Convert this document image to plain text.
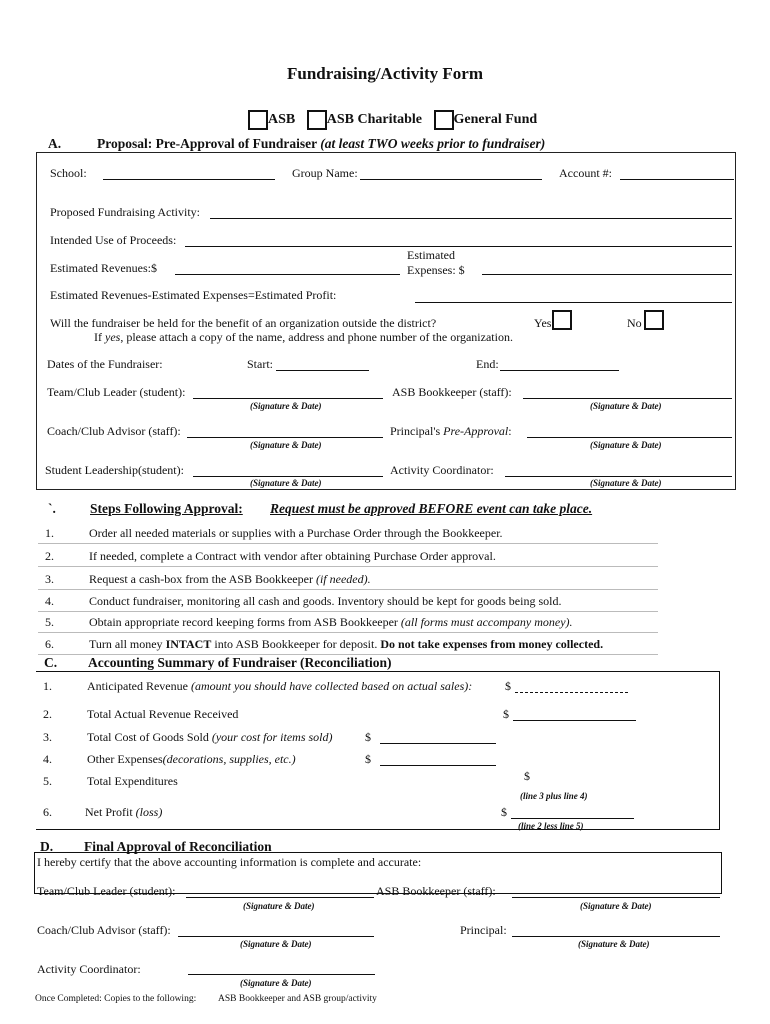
Fundraising/Activity Form
ASB ASB Charitable General Fund
A.	Proposal: Pre-Approval of Fundraiser (at least TWO weeks prior to fundraiser)
School:	Group Name:	Account #:
Proposed Fundraising Activity:
Intended Use of Proceeds:
Estimated Revenues:$
Estimated
Expenses: $
Estimated Revenues-Estimated Expenses=Estimated Profit:
Will the fundraiser be held for the benefit of an organization outside the district?	Yes	No
If yes, please attach a copy of the name, address and phone number of the organization.
Dates of the Fundraiser:	Start:	End:
Team/Club Leader (student):
(Signature & Date)
ASB Bookkeeper (staff):
(Signature & Date)
Coach/Club Advisor (staff):
(Signature & Date)
Principal's Pre-Approval:
(Signature & Date)
Student Leadership(student):
(Signature & Date)
Activity Coordinator:
(Signature & Date)
`.	Steps Following Approval: Request must be approved BEFORE event can take place.
1.	Order all needed materials or supplies with a Purchase Order through the Bookkeeper.
2.	If needed, complete a Contract with vendor after obtaining Purchase Order approval.
3.	Request a cash-box from the ASB Bookkeeper (if needed).
4.	Conduct fundraiser, monitoring all cash and goods. Inventory should be kept for goods being sold.
5.	Obtain appropriate record keeping forms from ASB Bookkeeper (all forms must accompany money).
6.	Turn all money INTACT into ASB Bookkeeper for deposit. Do not take expenses from money collected.
C. Accounting Summary of Fundraiser (Reconciliation)
1.	Anticipated Revenue (amount you should have collected based on actual sales):	$
2.	Total Actual Revenue Received	$
3.	Total Cost of Goods Sold (your cost for items sold)	$
4.	Other Expenses(decorations, supplies, etc.)	$
5.	Total Expenditures	$
6.	Net Profit (loss)	$
(line 3 plus line 4)
(line 2 less line 5)
D. Final Approval of Reconciliation
I hereby certify that the above accounting information is complete and accurate:
Team/Club Leader (student):
(Signature & Date)
ASB Bookkeeper (staff):
(Signature & Date)
Coach/Club Advisor (staff):
(Signature & Date)
Principal:
(Signature & Date)
Activity Coordinator:
(Signature & Date)
Once Completed: Copies to the following: ASB Bookkeeper and ASB group/activity
